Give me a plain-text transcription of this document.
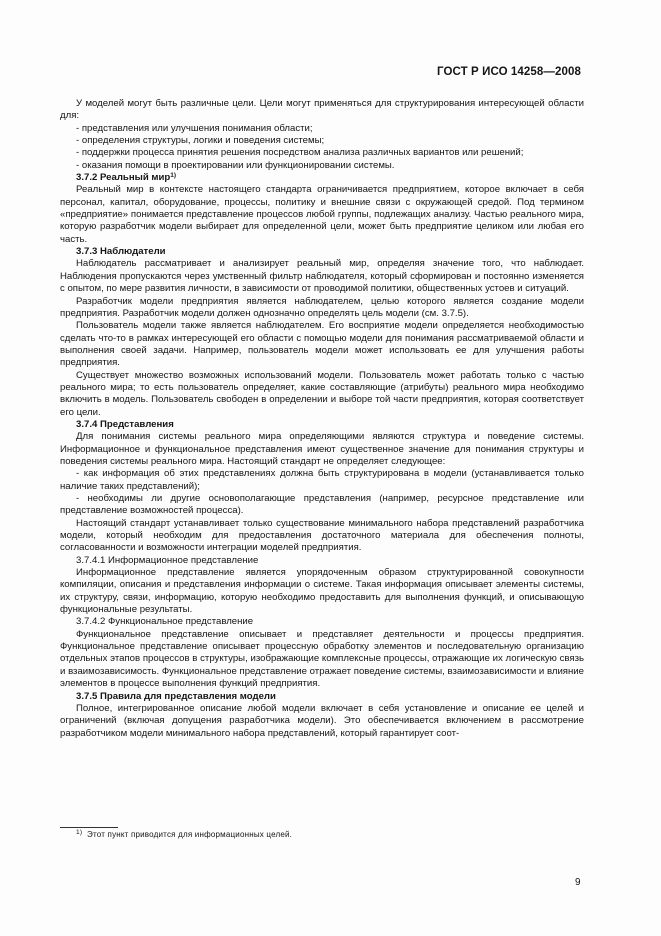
ГОСТ Р ИСО 14258—2008

У моделей могут быть различные цели. Цели могут применяться для структурирования интересующей области для:

- представления или улучшения понимания области;

- определения структуры, логики и поведения системы;

- поддержки процесса принятия решения посредством анализа различных вариантов или решений;

- оказания помощи в проектировании или функционировании системы.

3.7.2 Реальный мир$^{1)}$

Реальный мир в контексте настоящего стандарта ограничивается предприятием, которое включает в себя персонал, капитал, оборудование, процессы, политику и внешние связи с окружающей средой. Под термином «предприятие» понимается представление процессов любой группы, подлежащих анализу. Частью реального мира, которую разработчик модели выбирает для определенной цели, может быть предприятие целиком или любая его часть.

3.7.3 Наблюдатели

Наблюдатель рассматривает и анализирует реальный мир, определяя значение того, что наблюдает. Наблюдения пропускаются через умственный фильтр наблюдателя, который сформирован и постоянно изменяется с опытом, по мере развития личности, в зависимости от проводимой политики, общественных устоев и ситуаций.

Разработчик модели предприятия является наблюдателем, целью которого является создание модели предприятия. Разработчик модели должен однозначно определять цель модели (см. 3.7.5).

Пользователь модели также является наблюдателем. Его восприятие модели определяется необходимостью сделать что-то в рамках интересующей его области с помощью модели для понимания рассматриваемой области и выполнения своей задачи. Например, пользователь модели может использовать ее для улучшения работы предприятия.

Существует множество возможных использований модели. Пользователь может работать только с частью реального мира; то есть пользователь определяет, какие составляющие (атрибуты) реального мира необходимо включить в модель. Пользователь свободен в определении и выборе той части предприятия, которая соответствует его цели.

3.7.4 Представления

Для понимания системы реального мира определяющими являются структура и поведение системы. Информационное и функциональное представления имеют существенное значение для понимания структуры и поведения системы реального мира. Настоящий стандарт не определяет следующее:

- как информация об этих представлениях должна быть структурирована в модели (устанавливается только наличие таких представлений);

- необходимы ли другие основополагающие представления (например, ресурсное представление или представление возможностей процесса).

Настоящий стандарт устанавливает только существование минимального набора представлений разработчика модели, который необходим для предоставления достаточного материала для обеспечения полноты, согласованности и возможности интеграции моделей предприятия.

3.7.4.1 Информационное представление

Информационное представление является упорядоченным образом структурированной совокупности компиляции, описания и представления информации о системе. Такая информация описывает элементы системы, их структуру, связи, информацию, которую необходимо предоставить для выполнения функций, и описывающую функциональные результаты.

3.7.4.2 Функциональное представление

Функциональное представление описывает и представляет деятельности и процессы предприятия. Функциональное представление описывает процессную обработку элементов и последовательную организацию отдельных этапов процессов в структуры, изображающие комплексные процессы, отражающие их логическую связь и взаимозависимость. Функциональное представление отражает поведение системы, взаимозависимости и влияние элементов в процессе выполнения функций предприятия.

3.7.5 Правила для представления модели

Полное, интегрированное описание любой модели включает в себя установление и описание ее целей и ограничений (включая допущения разработчика модели). Это обеспечивается включением в рассмотрение разработчиком модели минимального набора представлений, который гарантирует соот-

$^{1)}$ Этот пункт приводится для информационных целей.
9
